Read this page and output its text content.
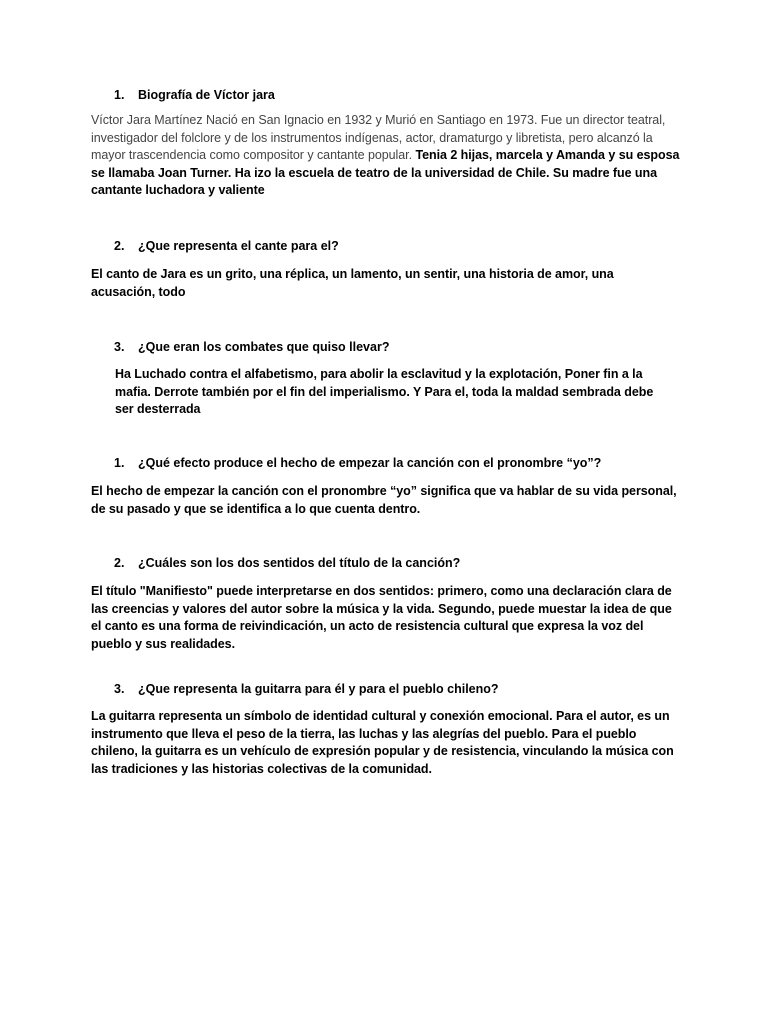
1. Biografía de Víctor jara
Víctor Jara Martínez Nació en San Ignacio en 1932 y Murió en Santiago en 1973. Fue un director teatral, investigador del folclore y de los instrumentos indígenas, actor, dramaturgo y libretista, pero alcanzó la mayor trascendencia como compositor y cantante popular. Tenia 2 hijas, marcela y Amanda y su esposa se llamaba Joan Turner. Ha izo la escuela de teatro de la universidad de Chile. Su madre fue una cantante luchadora y valiente
2. ¿Que representa el cante para el?
El canto de Jara es un grito, una réplica, un lamento, un sentir, una historia de amor, una acusación, todo
3. ¿Que eran los combates que quiso llevar?
Ha Luchado contra el alfabetismo, para abolir la esclavitud y la explotación, Poner fin a la mafia. Derrote también por el fin del imperialismo. Y Para el, toda la maldad sembrada debe ser desterrada
1. ¿Qué efecto produce el hecho de empezar la canción con el pronombre “yo”?
El hecho de empezar la canción con el pronombre “yo” significa que va hablar de su vida personal, de su pasado y que se identifica a lo que cuenta dentro.
2. ¿Cuáles son los dos sentidos del título de la canción?
El título "Manifiesto" puede interpretarse en dos sentidos: primero, como una declaración clara de las creencias y valores del autor sobre la música y la vida. Segundo, puede muestar la idea de que el canto es una forma de reivindicación, un acto de resistencia cultural que expresa la voz del pueblo y sus realidades.
3. ¿Que representa la guitarra para él y para el pueblo chileno?
La guitarra representa un símbolo de identidad cultural y conexión emocional. Para el autor, es un instrumento que lleva el peso de la tierra, las luchas y las alegrías del pueblo. Para el pueblo chileno, la guitarra es un vehículo de expresión popular y de resistencia, vinculando la música con las tradiciones y las historias colectivas de la comunidad.
